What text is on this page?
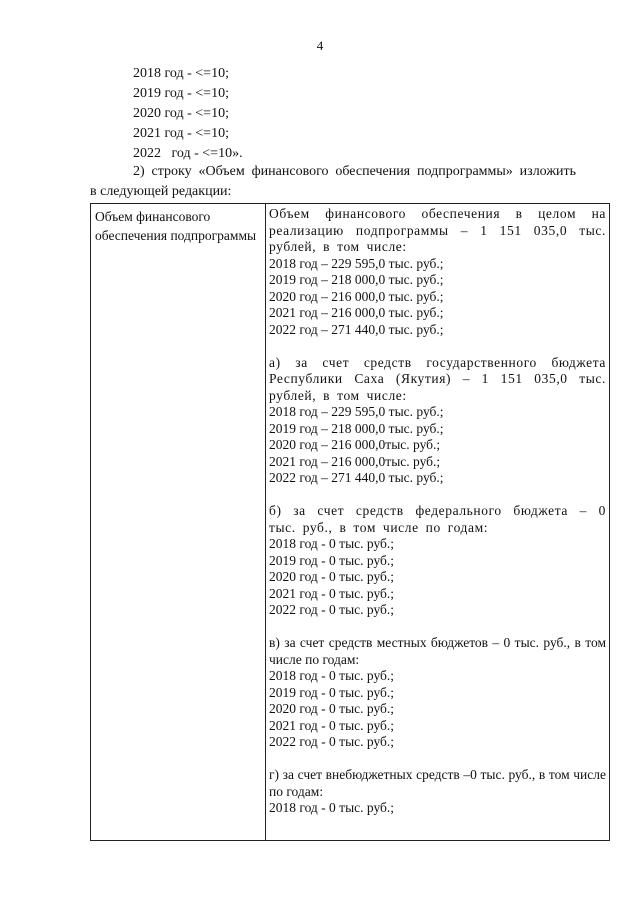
4
2018 год - <=10;
2019 год - <=10;
2020 год - <=10;
2021 год - <=10;
2022   год - <=10».
2) строку «Объем финансового обеспечения подпрограммы» изложить
в следующей редакции:
Объем финансового обеспечения подпрограммы
Объем финансового обеспечения в целом на реализацию подпрограммы – 1 151 035,0 тыс. рублей, в том числе:
2018 год – 229 595,0 тыс. руб.;
2019 год – 218 000,0 тыс. руб.;
2020 год – 216 000,0 тыс. руб.;
2021 год – 216 000,0 тыс. руб.;
2022 год – 271 440,0 тыс. руб.;
а) за счет средств государственного бюджета Республики Саха (Якутия) – 1 151 035,0 тыс. рублей, в том числе:
2018 год – 229 595,0 тыс. руб.;
2019 год – 218 000,0 тыс. руб.;
2020 год – 216 000,0тыс. руб.;
2021 год – 216 000,0тыс. руб.;
2022 год – 271 440,0 тыс. руб.;
б) за счет средств федерального бюджета – 0 тыс. руб., в том числе по годам:
2018 год - 0 тыс. руб.;
2019 год - 0 тыс. руб.;
2020 год - 0 тыс. руб.;
2021 год - 0 тыс. руб.;
2022 год - 0 тыс. руб.;
в) за счет средств местных бюджетов – 0 тыс. руб., в том числе по годам:
2018 год - 0 тыс. руб.;
2019 год - 0 тыс. руб.;
2020 год - 0 тыс. руб.;
2021 год - 0 тыс. руб.;
2022 год - 0 тыс. руб.;
г) за счет внебюджетных средств –0 тыс. руб., в том числе по годам:
2018 год - 0 тыс. руб.;
